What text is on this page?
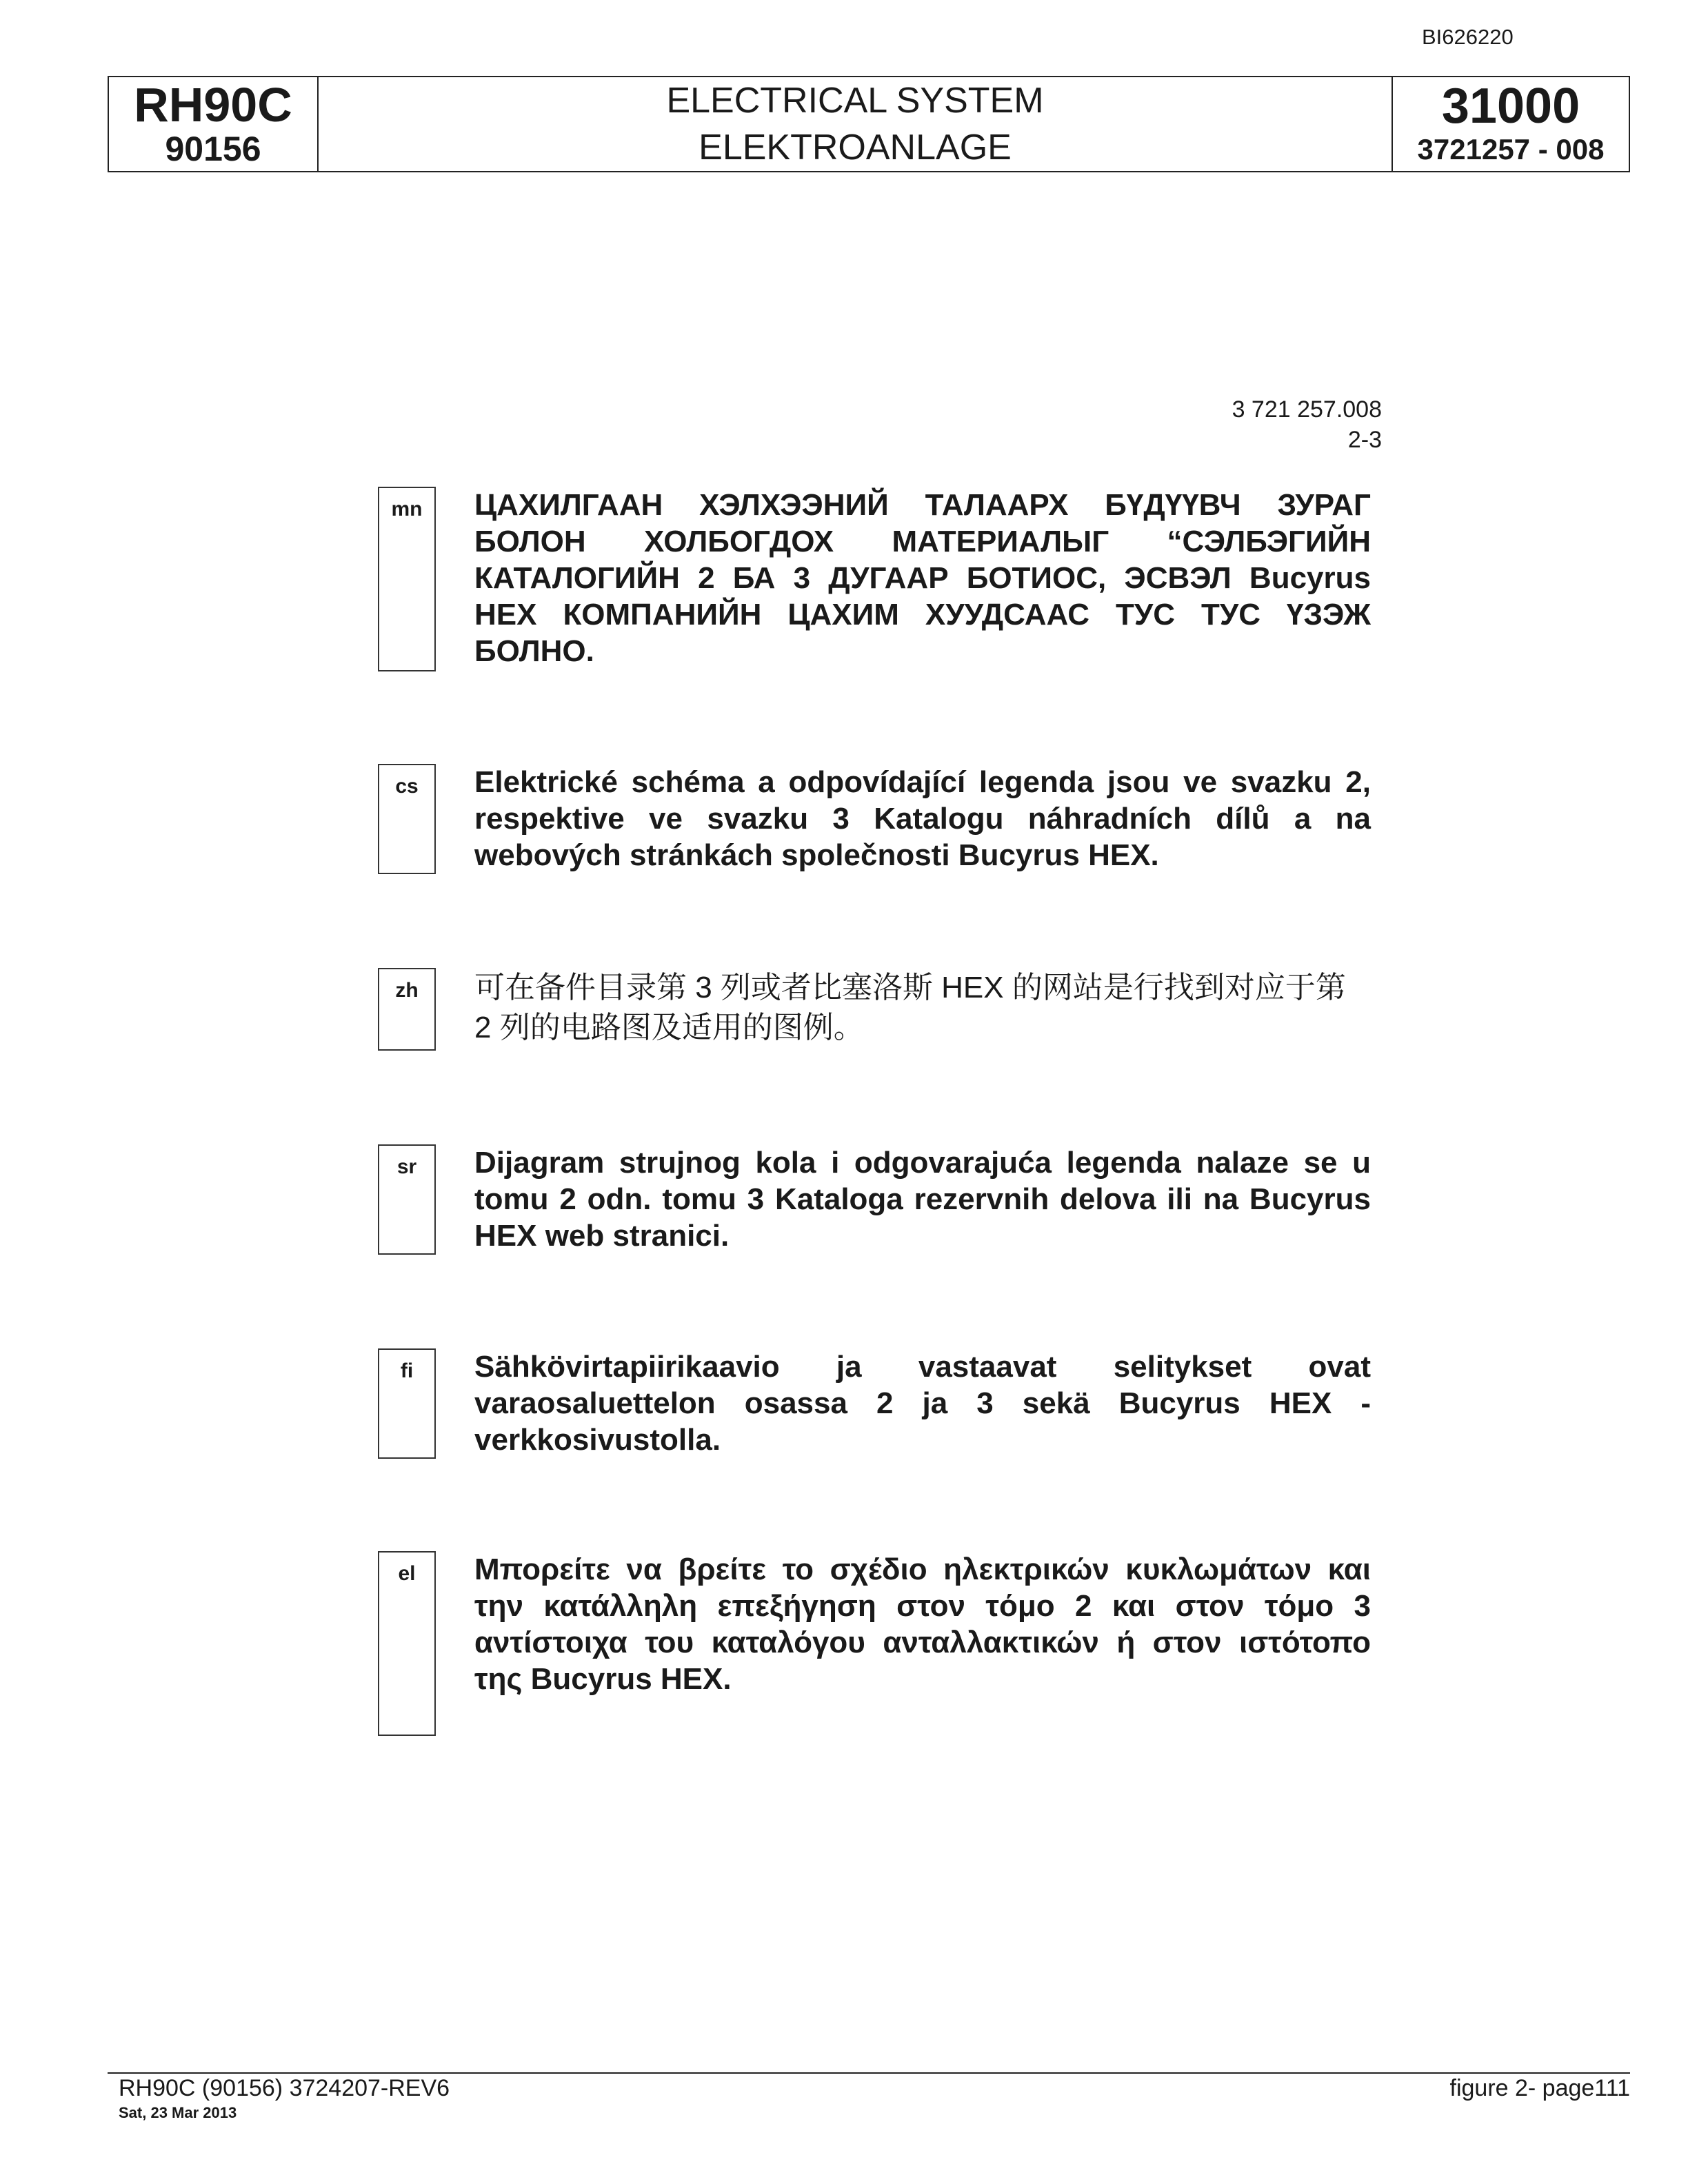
BI626220
RH90C
90156
ELECTRICAL SYSTEM
ELEKTROANLAGE
31000
3721257 - 008
3 721 257.008
2-3
mn	ЦАХИЛГААН ХЭЛХЭЭНИЙ ТАЛААРХ БҮДҮҮВЧ ЗУРАГ БОЛОН ХОЛБОГДОХ МАТЕРИАЛЫГ “СЭЛБЭГИЙН КАТАЛОГИЙН 2 БА 3 ДУГААР БОТИОС, ЭСВЭЛ Bucyrus HEX КОМПАНИЙН ЦАХИМ ХУУДСААС ТУС ТУС ҮЗЭЖ БОЛНО.
cs	Elektrické schéma a odpovídající legenda jsou ve svazku 2, respektive ve svazku 3 Katalogu náhradních dílů a na webových stránkách společnosti Bucyrus HEX.
zh	可在备件目录第 3 列或者比塞洛斯 HEX 的网站是行找到对应于第 2 列的电路图及适用的图例。
sr	Dijagram strujnog kola i odgovarajuća legenda nalaze se u tomu 2 odn. tomu 3 Kataloga rezervnih delova ili na Bucyrus HEX web stranici.
fi	Sähkövirtapiirikaavio ja vastaavat selitykset ovat varaosaluettelon osassa 2 ja 3 sekä Bucyrus HEX -verkkosivustolla.
el	Μπορείτε να βρείτε το σχέδιο ηλεκτρικών κυκλωμάτων και την κατάλληλη επεξήγηση στον τόμο 2 και στον τόμο 3 αντίστοιχα του καταλόγου ανταλλακτικών ή στον ιστότοπο της Bucyrus HEX.
RH90C (90156) 3724207-REV6
Sat, 23 Mar 2013
figure 2- page111
